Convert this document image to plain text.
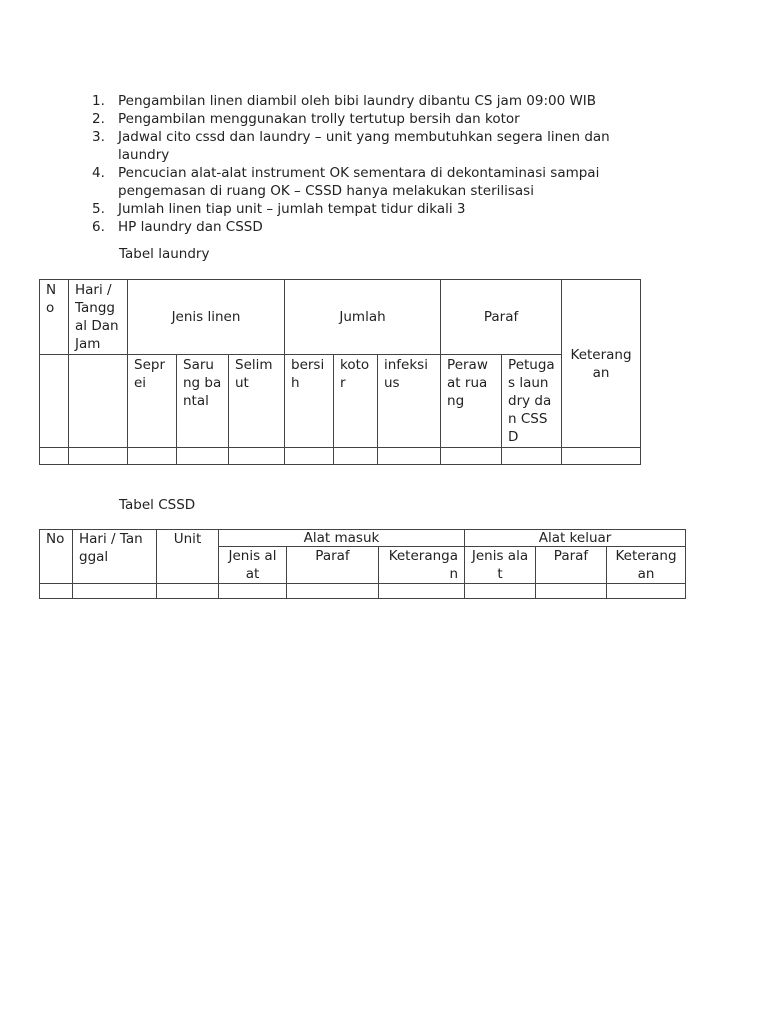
1. Pengambilan linen diambil oleh bibi laundry dibantu CS jam 09:00 WIB
2. Pengambilan menggunakan trolly tertutup bersih dan kotor
3. Jadwal cito cssd dan laundry – unit yang membutuhkan segera linen dan laundry
4. Pencucian alat-alat instrument OK sementara di dekontaminasi sampai pengemasan di ruang OK – CSSD hanya melakukan sterilisasi
5. Jumlah linen tiap unit – jumlah tempat tidur dikali 3
6. HP laundry dan CSSD
Tabel laundry
No	Hari / Tanggal Dan Jam	Jenis linen			Jumlah			Paraf		Keterangan
		Seprei	Sarung bantal	Selimut	bersih	kotor	infeksius	Perawat ruang	Petugas laundry dan CSSD	

Tabel CSSD
No	Hari / Tanggal	Unit	Alat masuk			Alat keluar		
			Jenis alat	Paraf	Keterangan	Jenis alat	Paraf	Keterangan
